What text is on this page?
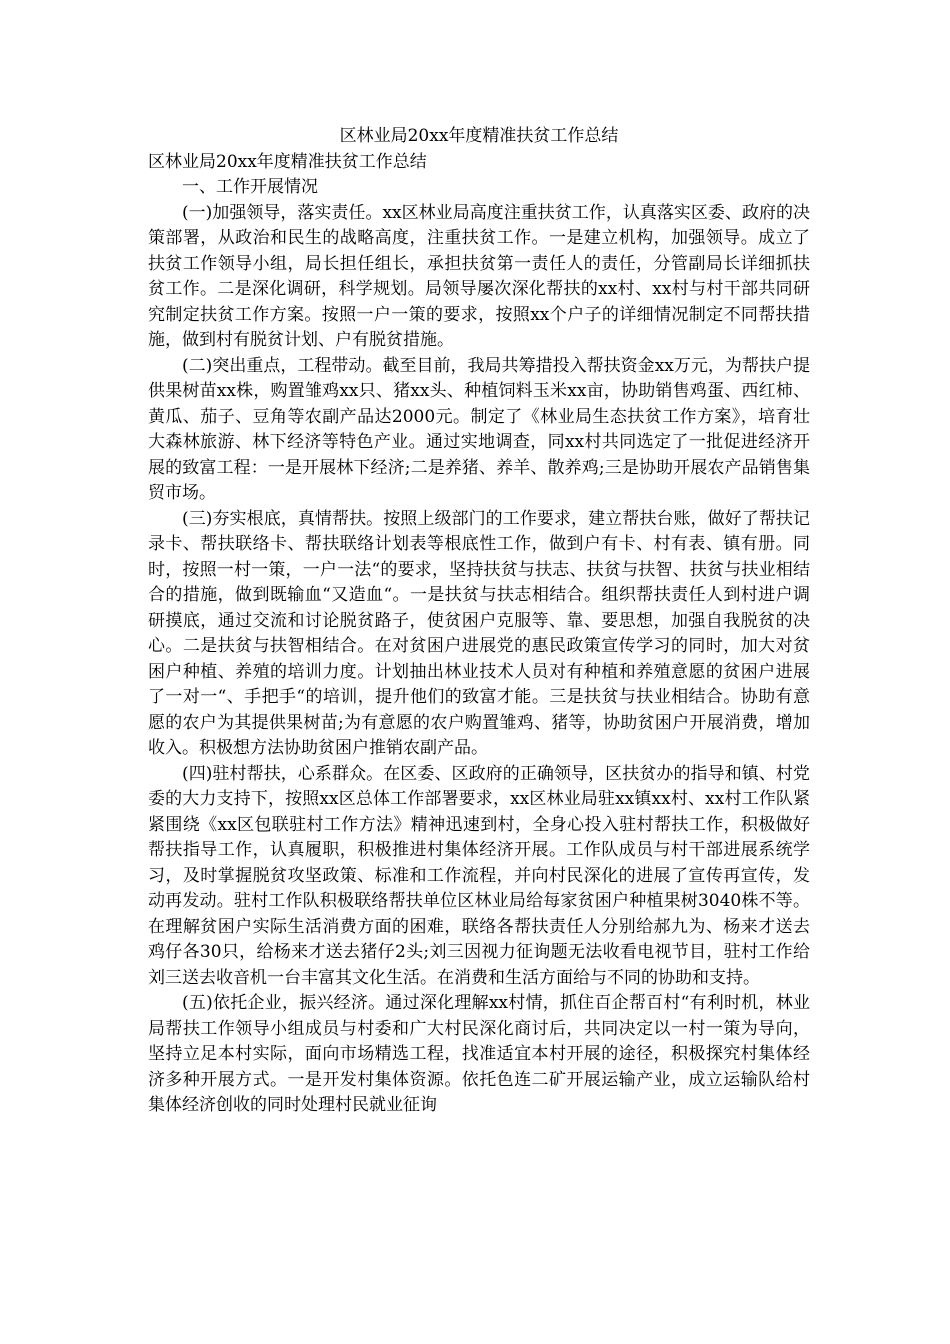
区林业局20xx年度精准扶贫工作总结

区林业局20xx年度精准扶贫工作总结

一、工作开展情况

(一)加强领导，落实责任。xx区林业局高度注重扶贫工作，认真落实区委、政府的决策部署，从政治和民生的战略高度，注重扶贫工作。一是建立机构，加强领导。成立了扶贫工作领导小组，局长担任组长，承担扶贫第一责任人的责任，分管副局长详细抓扶贫工作。二是深化调研，科学规划。局领导屡次深化帮扶的xx村、xx村与村干部共同研究制定扶贫工作方案。按照一户一策的要求，按照xx个户子的详细情况制定不同帮扶措施，做到村有脱贫计划、户有脱贫措施。

(二)突出重点，工程带动。截至目前，我局共筹措投入帮扶资金xx万元，为帮扶户提供果树苗xx株，购置雏鸡xx只、猪xx头、种植饲料玉米xx亩，协助销售鸡蛋、西红柿、黄瓜、茄子、豆角等农副产品达2000元。制定了《林业局生态扶贫工作方案》，培育壮大森林旅游、林下经济等特色产业。通过实地调查，同xx村共同选定了一批促进经济开展的致富工程：一是开展林下经济;二是养猪、养羊、散养鸡;三是协助开展农产品销售集贸市场。

(三)夯实根底，真情帮扶。按照上级部门的工作要求，建立帮扶台账，做好了帮扶记录卡、帮扶联络卡、帮扶联络计划表等根底性工作，做到户有卡、村有表、镇有册。同时，按照一村一策，一户一法“的要求，坚持扶贫与扶志、扶贫与扶智、扶贫与扶业相结合的措施，做到既输血“又造血“。一是扶贫与扶志相结合。组织帮扶责任人到村进户调研摸底，通过交流和讨论脱贫路子，使贫困户克服等、靠、要思想，加强自我脱贫的决心。二是扶贫与扶智相结合。在对贫困户进展党的惠民政策宣传学习的同时，加大对贫困户种植、养殖的培训力度。计划抽出林业技术人员对有种植和养殖意愿的贫困户进展了一对一“、手把手“的培训，提升他们的致富才能。三是扶贫与扶业相结合。协助有意愿的农户为其提供果树苗;为有意愿的农户购置雏鸡、猪等，协助贫困户开展消费，增加收入。积极想方法协助贫困户推销农副产品。

(四)驻村帮扶，心系群众。在区委、区政府的正确领导，区扶贫办的指导和镇、村党委的大力支持下，按照xx区总体工作部署要求，xx区林业局驻xx镇xx村、xx村工作队紧紧围绕《xx区包联驻村工作方法》精神迅速到村，全身心投入驻村帮扶工作，积极做好帮扶指导工作，认真履职，积极推进村集体经济开展。工作队成员与村干部进展系统学习，及时掌握脱贫攻坚政策、标准和工作流程，并向村民深化的进展了宣传再宣传，发动再发动。驻村工作队积极联络帮扶单位区林业局给每家贫困户种植果树3040株不等。在理解贫困户实际生活消费方面的困难，联络各帮扶责任人分别给郝九为、杨来才送去鸡仔各30只，给杨来才送去猪仔2头;刘三因视力征询题无法收看电视节目，驻村工作给刘三送去收音机一台丰富其文化生活。在消费和生活方面给与不同的协助和支持。

(五)依托企业，振兴经济。通过深化理解xx村情，抓住百企帮百村“有利时机，林业局帮扶工作领导小组成员与村委和广大村民深化商讨后，共同决定以一村一策为导向，坚持立足本村实际，面向市场精选工程，找准适宜本村开展的途径，积极探究村集体经济多种开展方式。一是开发村集体资源。依托色连二矿开展运输产业，成立运输队给村集体经济创收的同时处理村民就业征询
